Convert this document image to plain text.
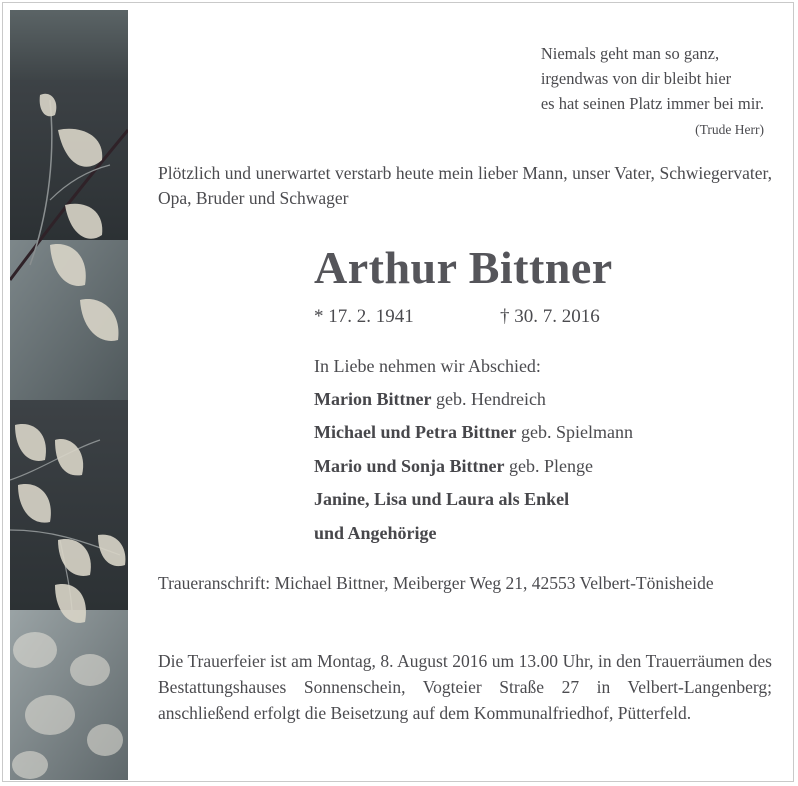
Niemals geht man so ganz,
irgendwas von dir bleibt hier
es hat seinen Platz immer bei mir.
(Trude Herr)
Plötzlich und unerwartet verstarb heute mein lieber Mann, unser Vater, Schwiegervater, Opa, Bruder und Schwager
Arthur Bittner
* 17. 2. 1941	† 30. 7. 2016
In Liebe nehmen wir Abschied:
Marion Bittner geb. Hendreich
Michael und Petra Bittner geb. Spielmann
Mario und Sonja Bittner geb. Plenge
Janine, Lisa und Laura als Enkel
und Angehörige
Traueranschrift: Michael Bittner, Meiberger Weg 21, 42553 Velbert-Tönisheide
Die Trauerfeier ist am Montag, 8. August 2016 um 13.00 Uhr, in den Trauerräumen des Bestattungshauses Sonnenschein, Vogteier Straße 27 in Velbert-Langenberg; anschließend erfolgt die Beisetzung auf dem Kommunalfriedhof, Pütterfeld.
